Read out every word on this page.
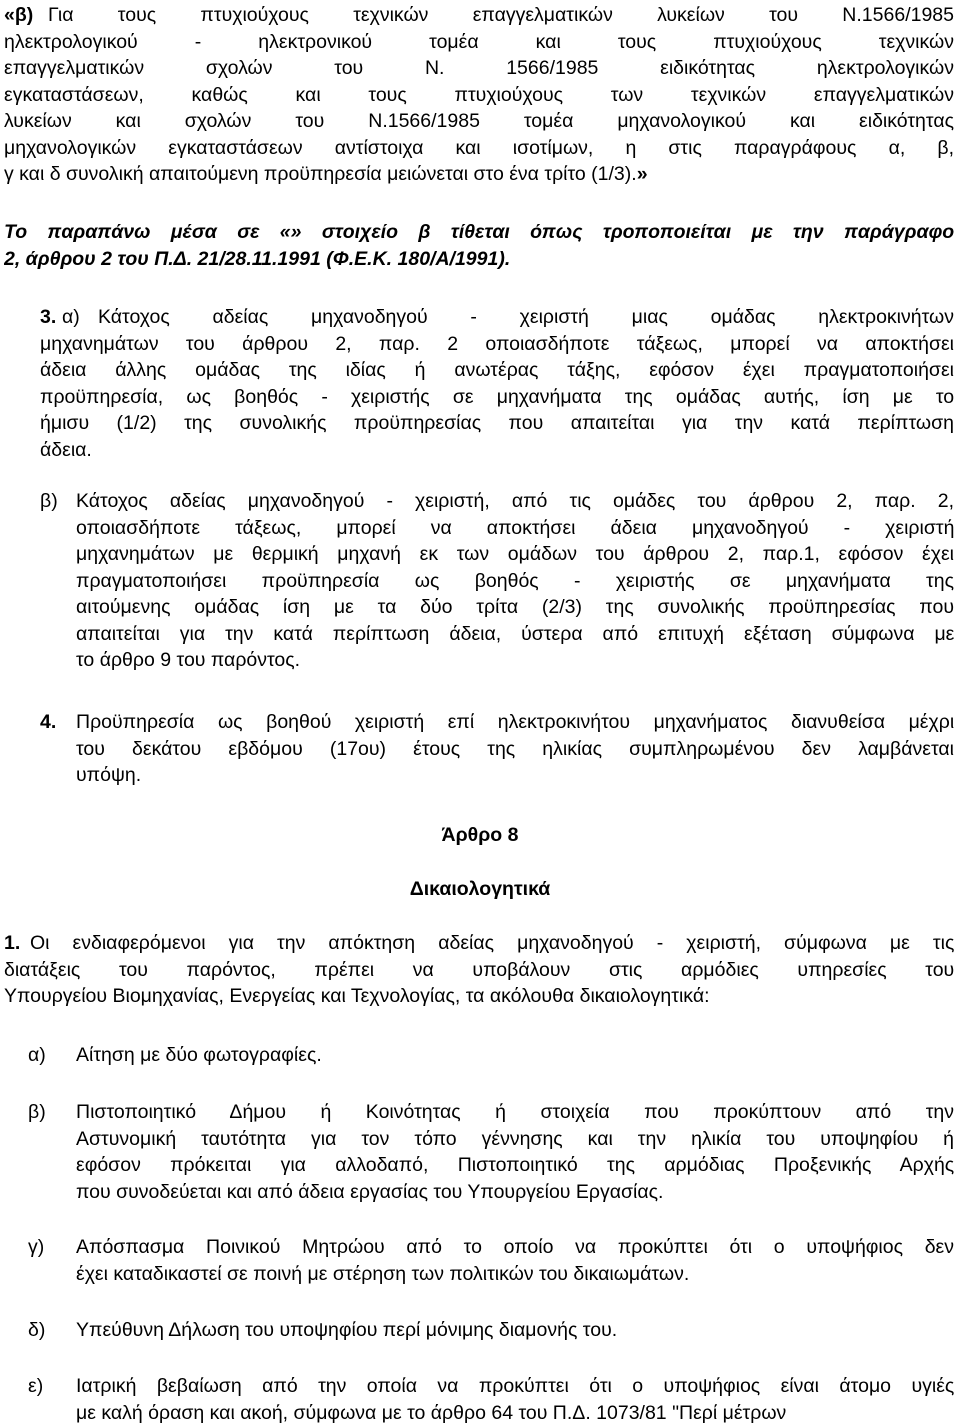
«β) Για τους πτυχιούχους τεχνικών επαγγελματικών λυκείων του Ν.1566/1985
ηλεκτρολογικού - ηλεκτρονικού τομέα και τους πτυχιούχους τεχνικών
επαγγελματικών σχολών του Ν. 1566/1985 ειδικότητας ηλεκτρολογικών
εγκαταστάσεων, καθώς και τους πτυχιούχους των τεχνικών επαγγελματικών
λυκείων και σχολών του Ν.1566/1985 τομέα μηχανολογικού και ειδικότητας
μηχανολογικών εγκαταστάσεων αντίστοιχα και ισοτίμων, η στις παραγράφους α, β,
γ και δ συνολική απαιτούμενη προϋπηρεσία μειώνεται στο ένα τρίτο (1/3).»
Το παραπάνω μέσα σε «» στοιχείο β τίθεται όπως τροποποιείται με την παράγραφο
2, άρθρου 2 του Π.Δ. 21/28.11.1991 (Φ.Ε.Κ. 180/Α/1991).
3. α) Κάτοχος αδείας μηχανοδηγού - χειριστή μιας ομάδας ηλεκτροκινήτων
μηχανημάτων του άρθρου 2, παρ. 2 οποιασδήποτε τάξεως, μπορεί να αποκτήσει
άδεια άλλης ομάδας της ιδίας ή ανωτέρας τάξης, εφόσον έχει πραγματοποιήσει
προϋπηρεσία, ως βοηθός - χειριστής σε μηχανήματα της ομάδας αυτής, ίση με το
ήμισυ (1/2) της συνολικής προϋπηρεσίας που απαιτείται για την κατά περίπτωση
άδεια.
β) Κάτοχος αδείας μηχανοδηγού - χειριστή, από τις ομάδες του άρθρου 2, παρ. 2,
οποιασδήποτε τάξεως, μπορεί να αποκτήσει άδεια μηχανοδηγού - χειριστή
μηχανημάτων με θερμική μηχανή εκ των ομάδων του άρθρου 2, παρ.1, εφόσον έχει
πραγματοποιήσει προϋπηρεσία ως βοηθός - χειριστής σε μηχανήματα της
αιτούμενης ομάδας ίση με τα δύο τρίτα (2/3) της συνολικής προϋπηρεσίας που
απαιτείται για την κατά περίπτωση άδεια, ύστερα από επιτυχή εξέταση σύμφωνα με
το άρθρο 9 του παρόντος.
4. Προϋπηρεσία ως βοηθού χειριστή επί ηλεκτροκινήτου μηχανήματος διανυθείσα μέχρι
του δεκάτου εβδόμου (17ου) έτους της ηλικίας συμπληρωμένου δεν λαμβάνεται
υπόψη.
Άρθρο 8
Δικαιολογητικά
1. Οι ενδιαφερόμενοι για την απόκτηση αδείας μηχανοδηγού - χειριστή, σύμφωνα με τις
διατάξεις του παρόντος, πρέπει να υποβάλουν στις αρμόδιες υπηρεσίες του
Υπουργείου Βιομηχανίας, Ενεργείας και Τεχνολογίας, τα ακόλουθα δικαιολογητικά:
α) Αίτηση με δύο φωτογραφίες.
β) Πιστοποιητικό Δήμου ή Κοινότητας ή στοιχεία που προκύπτουν από την
Αστυνομική ταυτότητα για τον τόπο γέννησης και την ηλικία του υποψηφίου ή
εφόσον πρόκειται για αλλοδαπό, Πιστοποιητικό της αρμόδιας Προξενικής Αρχής
που συνοδεύεται και από άδεια εργασίας του Υπουργείου Εργασίας.
γ) Απόσπασμα Ποινικού Μητρώου από το οποίο να προκύπτει ότι ο υποψήφιος δεν
έχει καταδικαστεί σε ποινή με στέρηση των πολιτικών του δικαιωμάτων.
δ) Υπεύθυνη Δήλωση του υποψηφίου περί μόνιμης διαμονής του.
ε) Ιατρική βεβαίωση από την οποία να προκύπτει ότι ο υποψήφιος είναι άτομο υγιές
με καλή όραση και ακοή, σύμφωνα με το άρθρο 64 του Π.Δ. 1073/81 "Περί μέτρων
